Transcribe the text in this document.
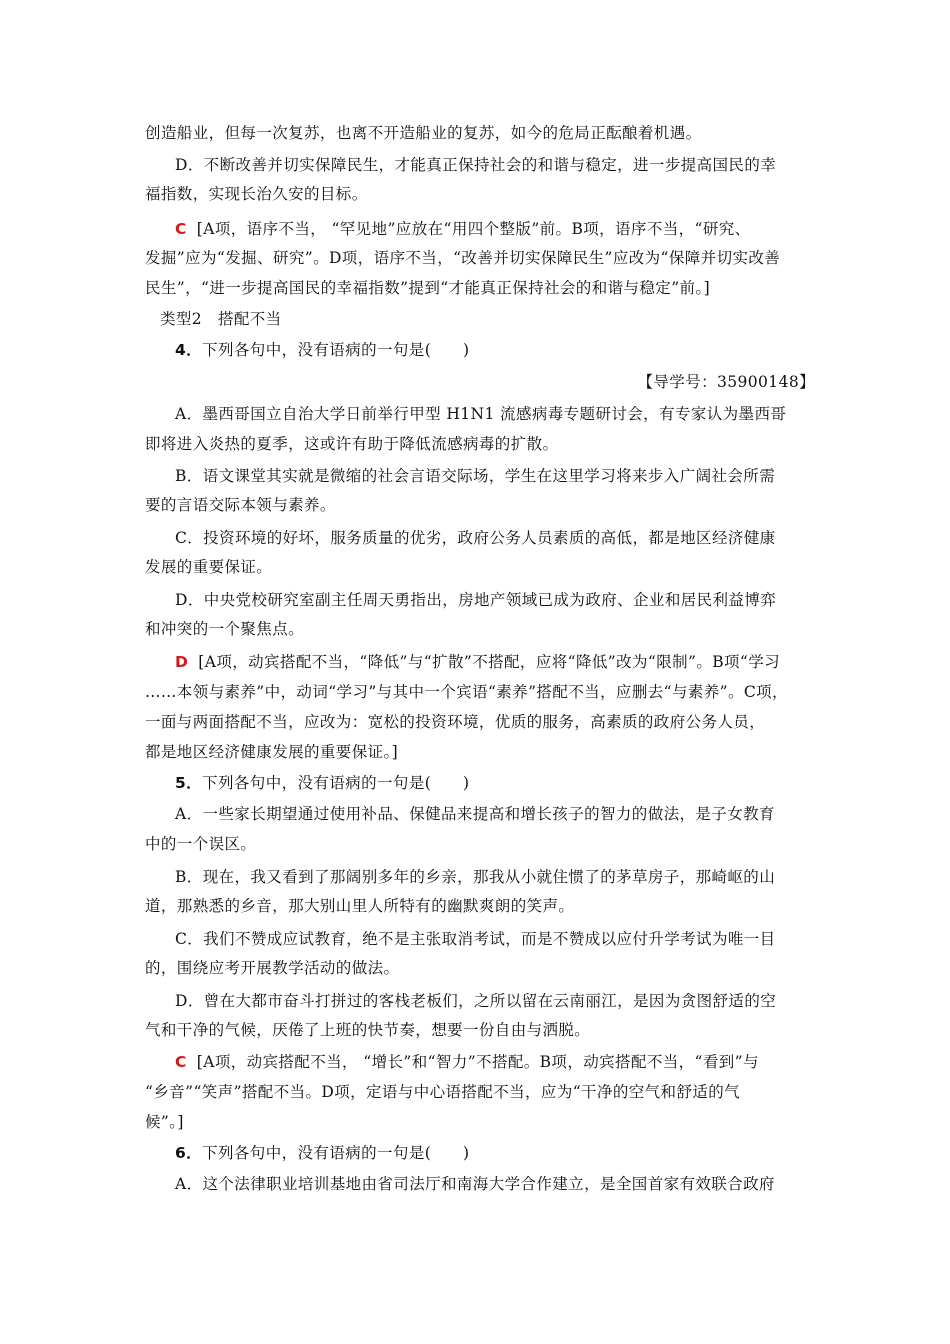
创造船业，但每一次复苏，也离不开造船业的复苏，如今的危局正酝酿着机遇。
D．不断改善并切实保障民生，才能真正保持社会的和谐与稳定，进一步提高国民的幸
福指数，实现长治久安的目标。
C [A项，语序不当， “罕见地”应放在“用四个整版”前。B项，语序不当，“研究、
发掘”应为“发掘、研究”。D项，语序不当，“改善并切实保障民生”应改为“保障并切实改善
民生”，“进一步提高国民的幸福指数”提到“才能真正保持社会的和谐与稳定”前。]
类型2　搭配不当
4．下列各句中，没有语病的一句是(　　)
【导学号：35900148】
A．墨西哥国立自治大学日前举行甲型 H1N1 流感病毒专题研讨会，有专家认为墨西哥
即将进入炎热的夏季，这或许有助于降低流感病毒的扩散。
B．语文课堂其实就是微缩的社会言语交际场，学生在这里学习将来步入广阔社会所需
要的言语交际本领与素养。
C．投资环境的好坏，服务质量的优劣，政府公务人员素质的高低，都是地区经济健康
发展的重要保证。
D．中央党校研究室副主任周天勇指出，房地产领域已成为政府、企业和居民利益博弈
和冲突的一个聚焦点。
D [A项，动宾搭配不当，“降低”与“扩散”不搭配，应将“降低”改为“限制”。B项“学习
……本领与素养”中，动词“学习”与其中一个宾语“素养”搭配不当，应删去“与素养”。C项，
一面与两面搭配不当，应改为：宽松的投资环境，优质的服务，高素质的政府公务人员，
都是地区经济健康发展的重要保证。]
5．下列各句中，没有语病的一句是(　　)
A．一些家长期望通过使用补品、保健品来提高和增长孩子的智力的做法，是子女教育
中的一个误区。
B．现在，我又看到了那阔别多年的乡亲，那我从小就住惯了的茅草房子，那崎岖的山
道，那熟悉的乡音，那大别山里人所特有的幽默爽朗的笑声。
C．我们不赞成应试教育，绝不是主张取消考试，而是不赞成以应付升学考试为唯一目
的，围绕应考开展教学活动的做法。
D．曾在大都市奋斗打拼过的客栈老板们，之所以留在云南丽江，是因为贪图舒适的空
气和干净的气候，厌倦了上班的快节奏，想要一份自由与洒脱。
C [A项，动宾搭配不当， “增长”和“智力”不搭配。B项，动宾搭配不当，“看到”与
“乡音”“笑声”搭配不当。D项，定语与中心语搭配不当，应为“干净的空气和舒适的气
候”。]
6．下列各句中，没有语病的一句是(　　)
A．这个法律职业培训基地由省司法厅和南海大学合作建立，是全国首家有效联合政府
